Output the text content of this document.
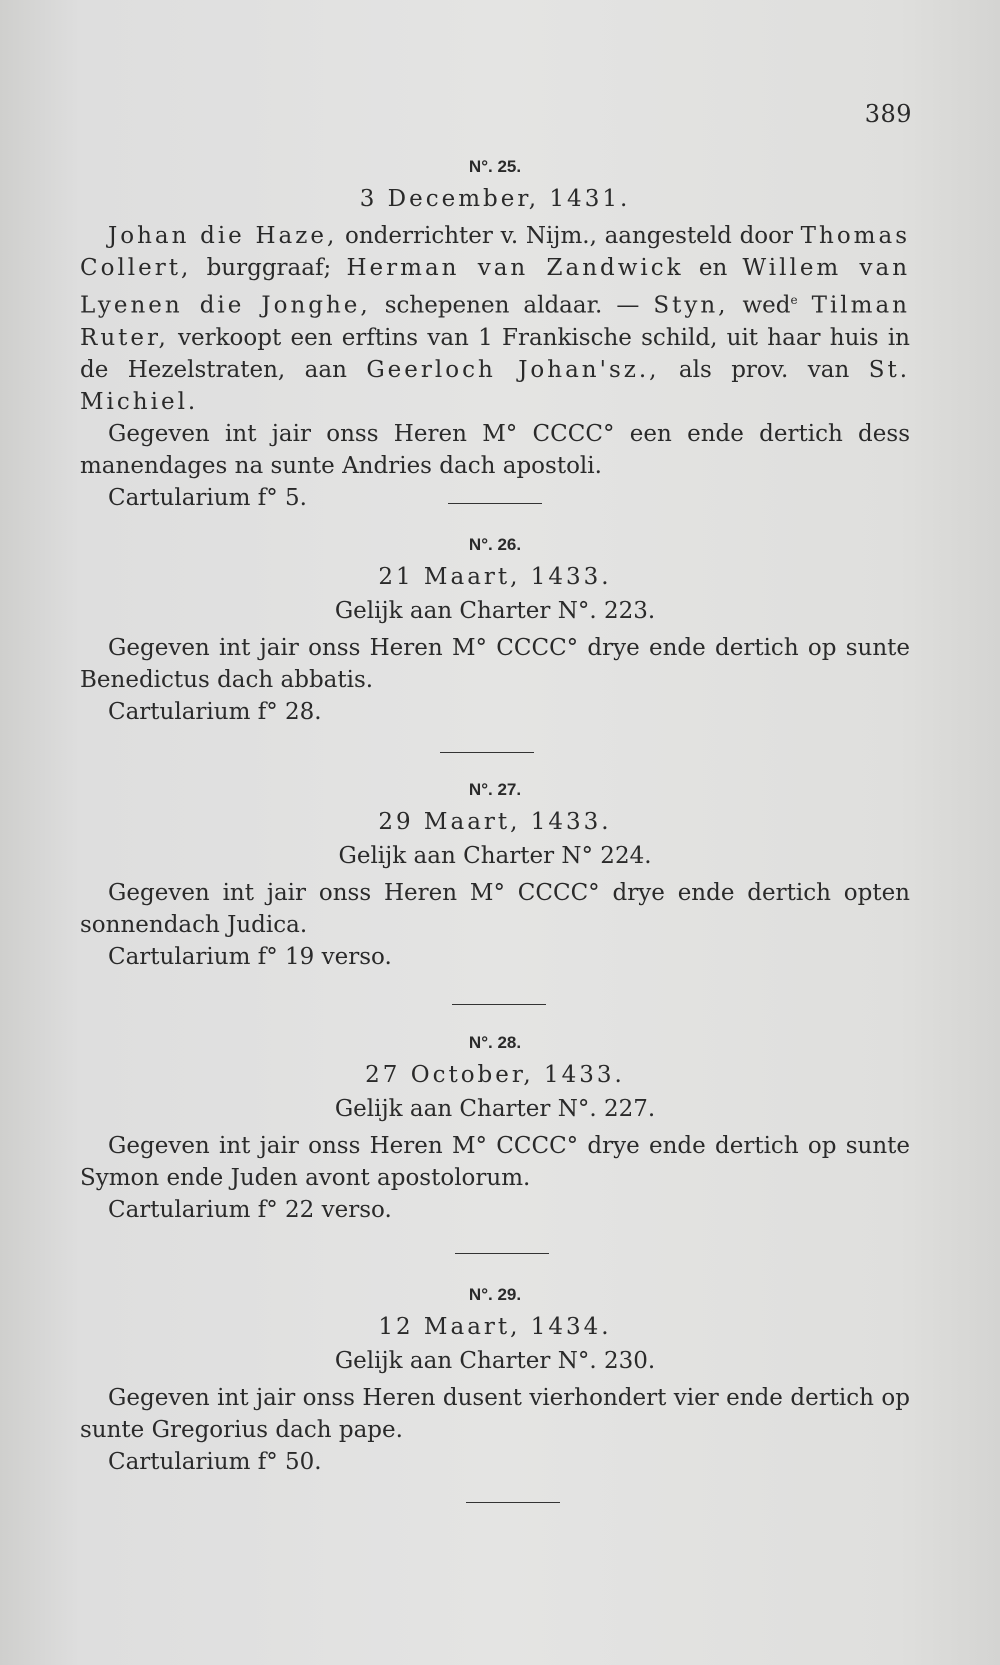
389
N°. 25.
3 December, 1431.

Johan die Haze, onderrichter v. Nijm., aangesteld door Thomas Collert, burggraaf; Herman van Zandwick en Willem van Lyenen die Jonghe, schepenen aldaar. — Styn, wed$^e$ Tilman Ruter, verkoopt een erftins van 1 Frankische schild, uit haar huis in de Hezelstraten, aan Geerloch Johan'sz., als prov. van St. Michiel.

Gegeven int jair onss Heren M° CCCC° een ende dertich dess manendages na sunte Andries dach apostoli.

Cartularium f° 5.

N°. 26.
21 Maart, 1433.
Gelijk aan Charter N°. 223.

Gegeven int jair onss Heren M° CCCC° drye ende dertich op sunte Benedictus dach abbatis.

Cartularium f° 28.

N°. 27.
29 Maart, 1433.
Gelijk aan Charter N° 224.

Gegeven int jair onss Heren M° CCCC° drye ende dertich opten sonnendach Judica.

Cartularium f° 19 verso.

N°. 28.
27 October, 1433.
Gelijk aan Charter N°. 227.

Gegeven int jair onss Heren M° CCCC° drye ende dertich op sunte Symon ende Juden avont apostolorum.

Cartularium f° 22 verso.

N°. 29.
12 Maart, 1434.
Gelijk aan Charter N°. 230.

Gegeven int jair onss Heren dusent vierhondert vier ende dertich op sunte Gregorius dach pape.

Cartularium f° 50.
